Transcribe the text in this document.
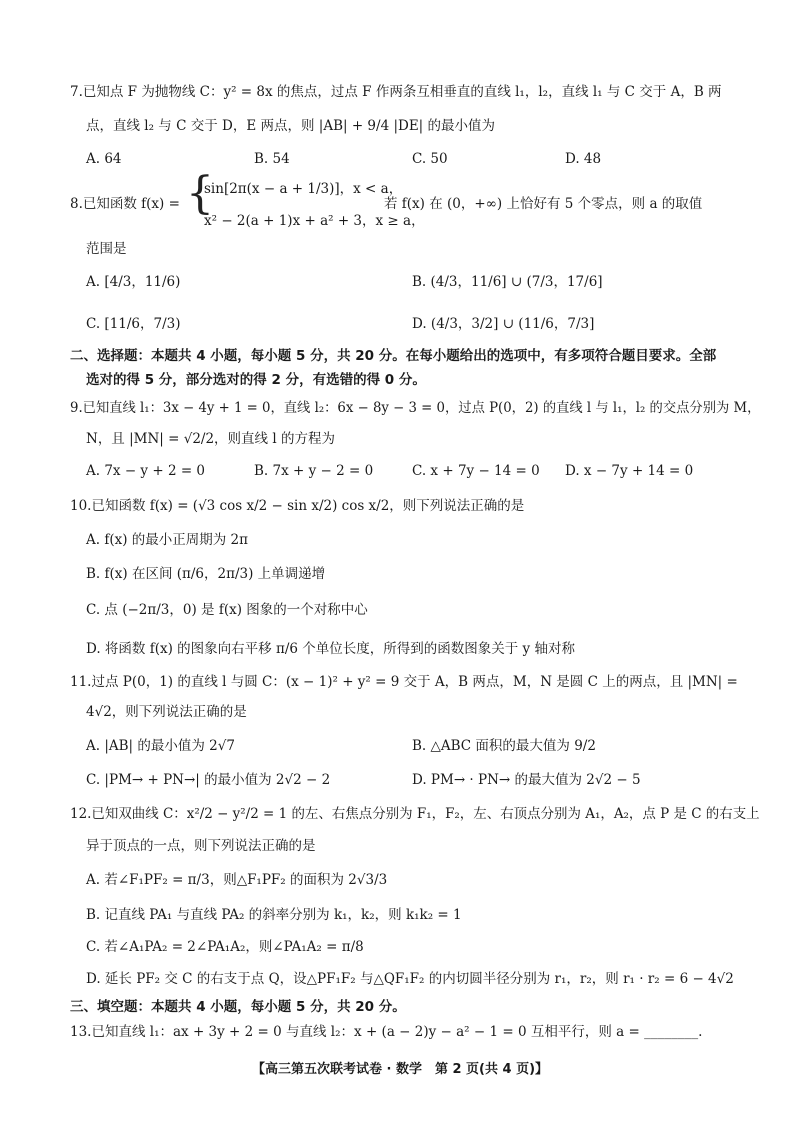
7.已知点 F 为抛物线 C：y² = 8x 的焦点，过点 F 作两条互相垂直的直线 l₁，l₂，直线 l₁ 与 C 交于 A，B 两
点，直线 l₂ 与 C 交于 D，E 两点，则 |AB| + 9/4 |DE| 的最小值为
A. 64	B. 54	C. 50	D. 48
8.已知函数 f(x) = {
sin[2π(x − a + 1/3)]，x < a，
x² − 2(a + 1)x + a² + 3，x ≥ a，
若 f(x) 在 (0，+∞) 上恰好有 5 个零点，则 a 的取值
范围是
A. [4/3，11/6)	B. (4/3，11/6] ∪ (7/3，17/6]
C. [11/6，7/3)	D. (4/3，3/2] ∪ (11/6，7/3]
二、选择题：本题共 4 小题，每小题 5 分，共 20 分。在每小题给出的选项中，有多项符合题目要求。全部
选对的得 5 分，部分选对的得 2 分，有选错的得 0 分。
9.已知直线 l₁：3x − 4y + 1 = 0，直线 l₂：6x − 8y − 3 = 0，过点 P(0，2) 的直线 l 与 l₁，l₂ 的交点分别为 M，
N，且 |MN| = √2/2，则直线 l 的方程为
A. 7x − y + 2 = 0	B. 7x + y − 2 = 0	C. x + 7y − 14 = 0 D. x − 7y + 14 = 0
10.已知函数 f(x) = (√3 cos x/2 − sin x/2) cos x/2，则下列说法正确的是
A. f(x) 的最小正周期为 2π
B. f(x) 在区间 (π/6，2π/3) 上单调递增
C. 点 (−2π/3，0) 是 f(x) 图象的一个对称中心
D. 将函数 f(x) 的图象向右平移 π/6 个单位长度，所得到的函数图象关于 y 轴对称
11.过点 P(0，1) 的直线 l 与圆 C：(x − 1)² + y² = 9 交于 A，B 两点，M，N 是圆 C 上的两点，且 |MN| =
4√2，则下列说法正确的是
A. |AB| 的最小值为 2√7	B. △ABC 面积的最大值为 9/2
C. |PM→ + PN→| 的最小值为 2√2 − 2	D. PM→ · PN→ 的最大值为 2√2 − 5
12.已知双曲线 C：x²/2 − y²/2 = 1 的左、右焦点分别为 F₁，F₂，左、右顶点分别为 A₁，A₂，点 P 是 C 的右支上
异于顶点的一点，则下列说法正确的是
A. 若∠F₁PF₂ = π/3，则△F₁PF₂ 的面积为 2√3/3
B. 记直线 PA₁ 与直线 PA₂ 的斜率分别为 k₁，k₂，则 k₁k₂ = 1
C. 若∠A₁PA₂ = 2∠PA₁A₂，则∠PA₁A₂ = π/8
D. 延长 PF₂ 交 C 的右支于点 Q，设△PF₁F₂ 与△QF₁F₂ 的内切圆半径分别为 r₁，r₂，则 r₁ · r₂ = 6 − 4√2
三、填空题：本题共 4 小题，每小题 5 分，共 20 分。
13.已知直线 l₁：ax + 3y + 2 = 0 与直线 l₂：x + (a − 2)y − a² − 1 = 0 互相平行，则 a = ________.
【高三第五次联考试卷 · 数学　第 2 页(共 4 页)】
